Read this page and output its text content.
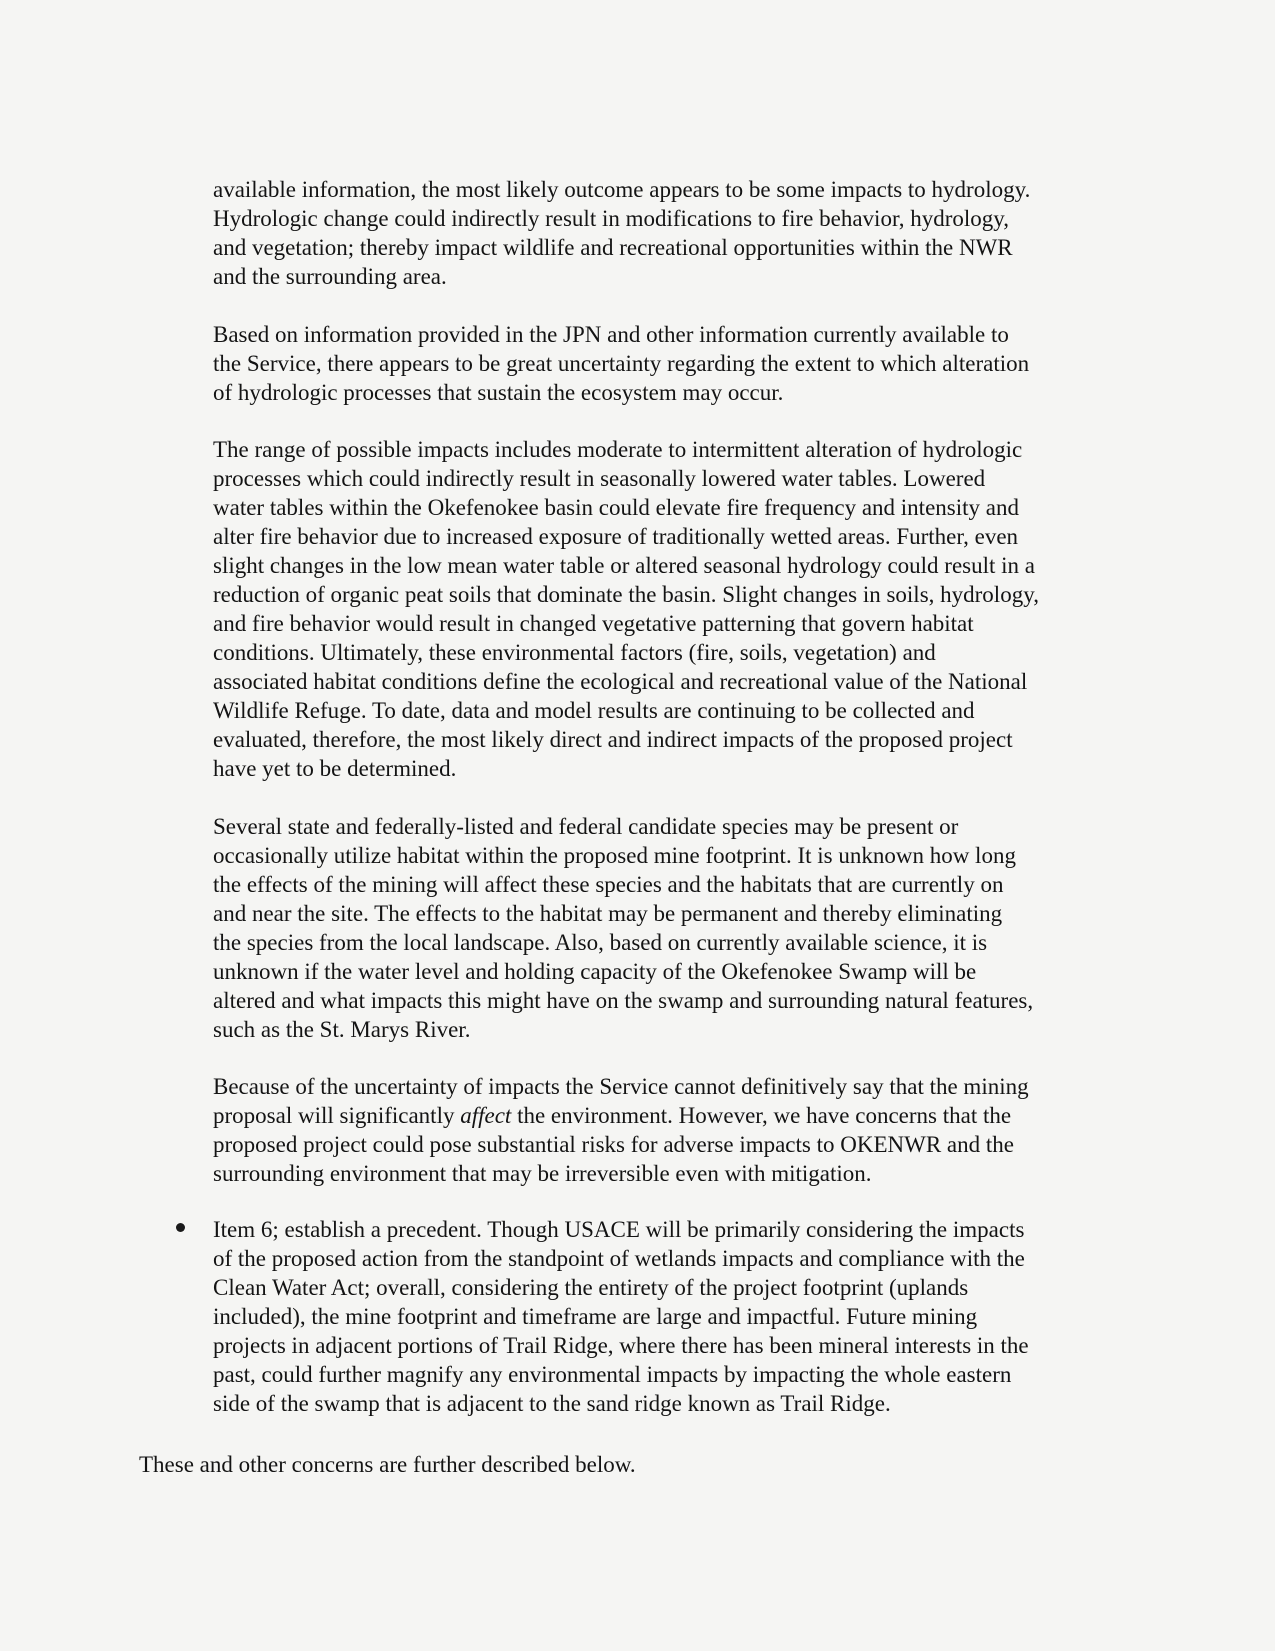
available information, the most likely outcome appears to be some impacts to hydrology.
Hydrologic change could indirectly result in modifications to fire behavior, hydrology,
and vegetation; thereby impact wildlife and recreational opportunities within the NWR
and the surrounding area.

Based on information provided in the JPN and other information currently available to
the Service, there appears to be great uncertainty regarding the extent to which alteration
of hydrologic processes that sustain the ecosystem may occur.

The range of possible impacts includes moderate to intermittent alteration of hydrologic
processes which could indirectly result in seasonally lowered water tables. Lowered
water tables within the Okefenokee basin could elevate fire frequency and intensity and
alter fire behavior due to increased exposure of traditionally wetted areas. Further, even
slight changes in the low mean water table or altered seasonal hydrology could result in a
reduction of organic peat soils that dominate the basin. Slight changes in soils, hydrology,
and fire behavior would result in changed vegetative patterning that govern habitat
conditions. Ultimately, these environmental factors (fire, soils, vegetation) and
associated habitat conditions define the ecological and recreational value of the National
Wildlife Refuge. To date, data and model results are continuing to be collected and
evaluated, therefore, the most likely direct and indirect impacts of the proposed project
have yet to be determined.

Several state and federally-listed and federal candidate species may be present or
occasionally utilize habitat within the proposed mine footprint. It is unknown how long
the effects of the mining will affect these species and the habitats that are currently on
and near the site. The effects to the habitat may be permanent and thereby eliminating
the species from the local landscape. Also, based on currently available science, it is
unknown if the water level and holding capacity of the Okefenokee Swamp will be
altered and what impacts this might have on the swamp and surrounding natural features,
such as the St. Marys River.

Because of the uncertainty of impacts the Service cannot definitively say that the mining
proposal will significantly affect the environment. However, we have concerns that the
proposed project could pose substantial risks for adverse impacts to OKENWR and the
surrounding environment that may be irreversible even with mitigation.

Item 6; establish a precedent. Though USACE will be primarily considering the impacts
of the proposed action from the standpoint of wetlands impacts and compliance with the
Clean Water Act; overall, considering the entirety of the project footprint (uplands
included), the mine footprint and timeframe are large and impactful. Future mining
projects in adjacent portions of Trail Ridge, where there has been mineral interests in the
past, could further magnify any environmental impacts by impacting the whole eastern
side of the swamp that is adjacent to the sand ridge known as Trail Ridge.

These and other concerns are further described below.
